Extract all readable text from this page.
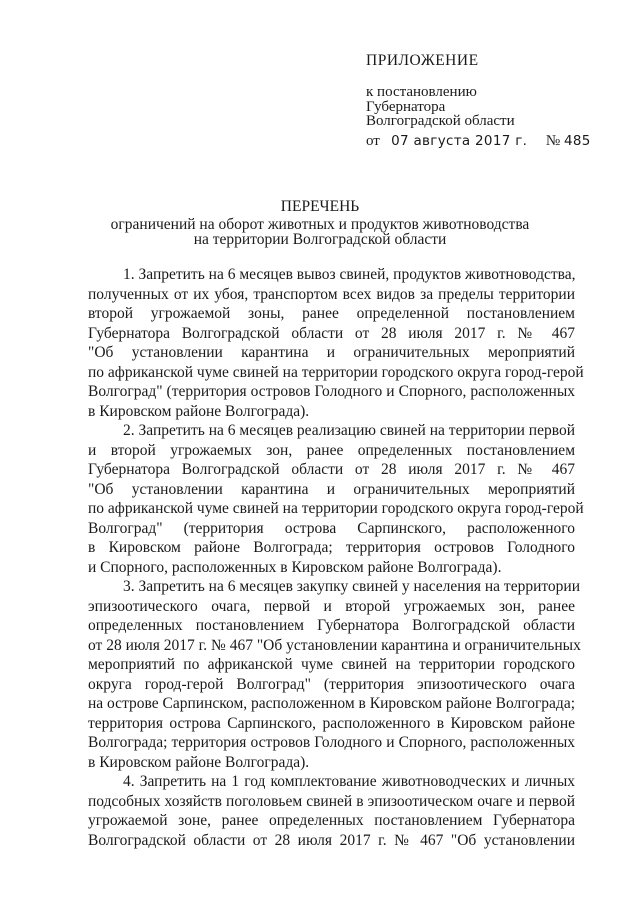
ПРИЛОЖЕНИЕ
к постановлению
Губернатора
Волгоградской области
от 07 августа 2017 г. № 485
ПЕРЕЧЕНЬ
ограничений на оборот животных и продуктов животноводства
на территории Волгоградской области
1. Запретить на 6 месяцев вывоз свиней, продуктов животноводства,
полученных от их убоя, транспортом всех видов за пределы территории
второй угрожаемой зоны, ранее определенной постановлением
Губернатора Волгоградской области от 28 июля 2017 г. № 467
"Об установлении карантина и ограничительных мероприятий
по африканской чуме свиней на территории городского округа город-герой
Волгоград" (территория островов Голодного и Спорного, расположенных
в Кировском районе Волгограда).
2. Запретить на 6 месяцев реализацию свиней на территории первой
и второй угрожаемых зон, ранее определенных постановлением
Губернатора Волгоградской области от 28 июля 2017 г. № 467
"Об установлении карантина и ограничительных мероприятий
по африканской чуме свиней на территории городского округа город-герой
Волгоград" (территория острова Сарпинского, расположенного
в Кировском районе Волгограда; территория островов Голодного
и Спорного, расположенных в Кировском районе Волгограда).
3. Запретить на 6 месяцев закупку свиней у населения на территории
эпизоотического очага, первой и второй угрожаемых зон, ранее
определенных постановлением Губернатора Волгоградской области
от 28 июля 2017 г. № 467 "Об установлении карантина и ограничительных
мероприятий по африканской чуме свиней на территории городского
округа город-герой Волгоград" (территория эпизоотического очага
на острове Сарпинском, расположенном в Кировском районе Волгограда;
территория острова Сарпинского, расположенного в Кировском районе
Волгограда; территория островов Голодного и Спорного, расположенных
в Кировском районе Волгограда).
4. Запретить на 1 год комплектование животноводческих и личных
подсобных хозяйств поголовьем свиней в эпизоотическом очаге и первой
угрожаемой зоне, ранее определенных постановлением Губернатора
Волгоградской области от 28 июля 2017 г. № 467 "Об установлении
